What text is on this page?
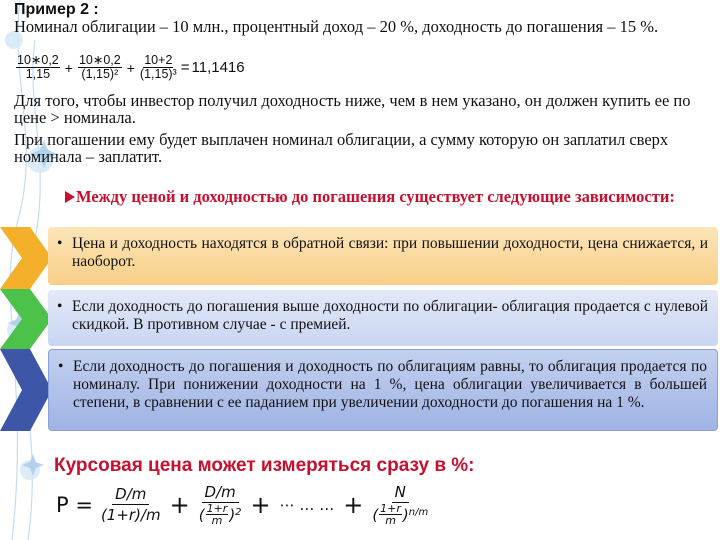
Пример 2 :
Номинал облигации – 10 млн., процентный доход – 20 %, доходность до погашения – 15 %.
$\frac{10∗0,2}{1,15} + \frac{10∗0,2}{\text{(1,15)²}} + \frac{10+2}{\text{(1,15)³}} = 11,1416$
Для того, чтобы инвестор получил доходность ниже, чем в нем указано, он должен купить ее по цене > номинала.
При погашении ему будет выплачен номинал облигации, а сумму которую он заплатил сверх номинала – заплатит.
Между ценой и доходностью до погашения существует следующие зависимости:
• Цена и доходность находятся в обратной связи: при повышении доходности, цена снижается, и наоборот.
• Если доходность до погашения выше доходности по облигации- облигация продается с нулевой скидкой. В противном случае - с премией.
• Если доходность до погашения и доходность по облигациям равны, то облигация продается по номиналу. При понижении доходности на 1 %, цена облигации увеличивается в большей степени, в сравнении с ее паданием при увеличении доходности до погашения на 1 %.
Курсовая цена может измеряться сразу в %:
$P = \frac{D/m}{(1+r)/m} + \frac{D/m}{( \frac{1+r}{m} ) 2}$ + ⋯ … … + $\frac{N}{( \frac{1+r}{m} ) n/m}$
